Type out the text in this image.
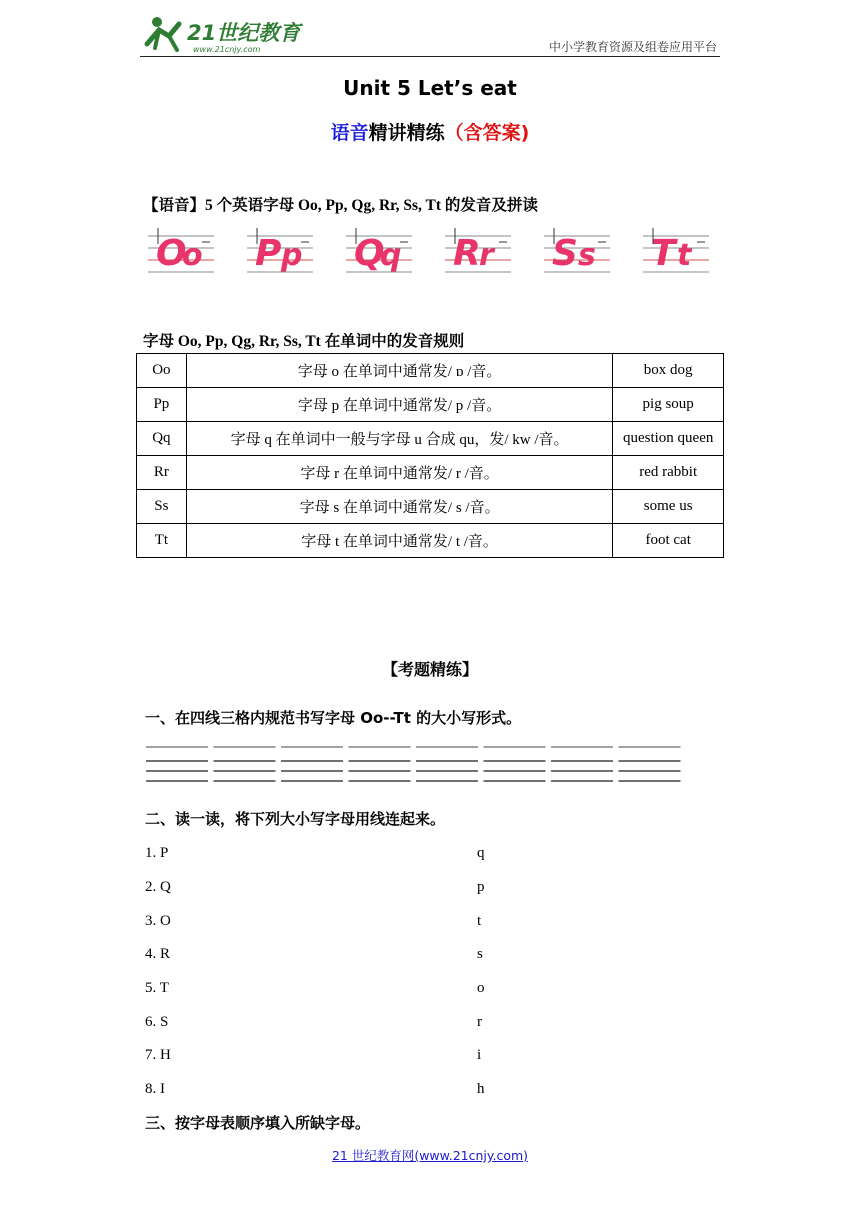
21世纪教育
www.21cnjy.com	中小学教育资源及组卷应用平台
Unit 5 Let’s eat
语音精讲精练（含答案)
【语音】5 个英语字母 Oo, Pp, Qg, Rr, Ss, Tt 的发音及拼读
O
o P p Q
q R
r S s T t
字母 Oo, Pp, Qg, Rr, Ss, Tt 在单词中的发音规则
Oo	字母 o 在单词中通常发/ ɒ /音。	box dog
Pp	字母 p 在单词中通常发/ p /音。	pig soup
Qq	字母 q 在单词中一般与字母 u 合成 qu，发/ kw /音。	question queen
Rr	字母 r 在单词中通常发/ r /音。	red rabbit
Ss	字母 s 在单词中通常发/ s /音。	some us
Tt	字母 t 在单词中通常发/ t /音。	foot cat
【考题精练】
一、在四线三格内规范书写字母 Oo--Tt 的大小写形式。
二、读一读，将下列大小写字母用线连起来。
1. P	q
2. Q	p
3. O	t
4. R	s
5. T	o
6. S	r
7. H	i
8. I	h
三、按字母表顺序填入所缺字母。
21 世纪教育网(www.21cnjy.com)
